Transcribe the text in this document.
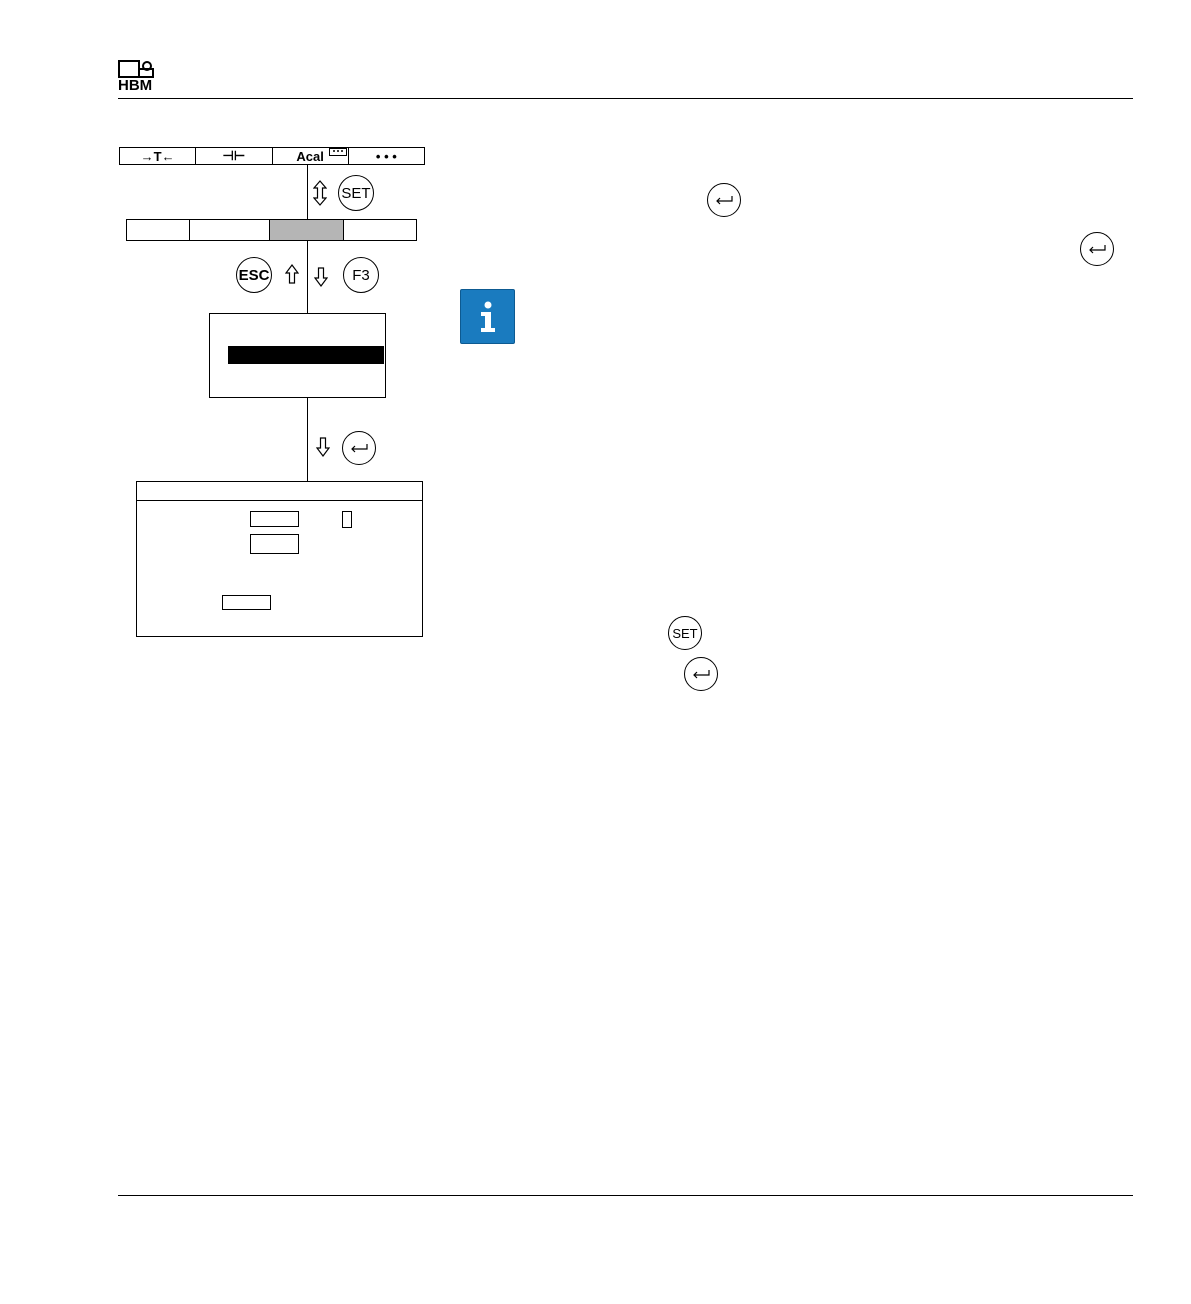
HBM
→T←	⊣⊢	Acal	• • •
SET
ESC	F3
SET
